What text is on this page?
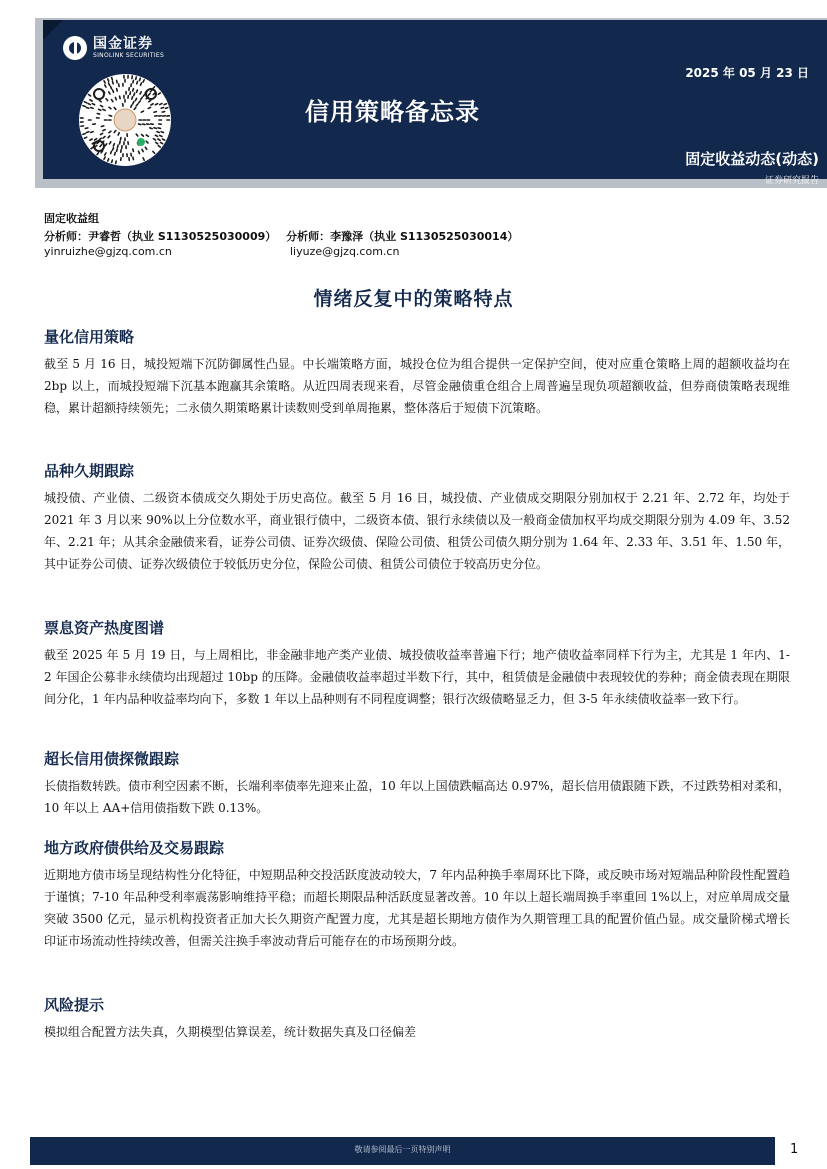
国金证券
SINOLINK SECURITIES
2025 年 05 月 23 日
信用策略备忘录
固定收益动态(动态)
证券研究报告
固定收益组
分析师：尹睿哲（执业 S1130525030009） 分析师：李豫泽（执业 S1130525030014）
yinruizhe@gjzq.com.cn	liyuze@gjzq.com.cn
情绪反复中的策略特点
量化信用策略
截至 5 月 16 日，城投短端下沉防御属性凸显。中长端策略方面，城投仓位为组合提供一定保护空间，使对应重仓策略上周的超额收益均在 2bp 以上，而城投短端下沉基本跑赢其余策略。从近四周表现来看，尽管金融债重仓组合上周普遍呈现负项超额收益，但券商债策略表现维稳，累计超额持续领先；二永债久期策略累计读数则受到单周拖累，整体落后于短债下沉策略。
品种久期跟踪
城投债、产业债、二级资本债成交久期处于历史高位。截至 5 月 16 日，城投债、产业债成交期限分别加权于 2.21 年、2.72 年，均处于 2021 年 3 月以来 90%以上分位数水平，商业银行债中，二级资本债、银行永续债以及一般商金债加权平均成交期限分别为 4.09 年、3.52 年、2.21 年；从其余金融债来看，证券公司债、证券次级债、保险公司债、租赁公司债久期分别为 1.64 年、2.33 年、3.51 年、1.50 年，其中证券公司债、证券次级债位于较低历史分位，保险公司债、租赁公司债位于较高历史分位。
票息资产热度图谱
截至 2025 年 5 月 19 日，与上周相比，非金融非地产类产业债、城投债收益率普遍下行；地产债收益率同样下行为主，尤其是 1 年内、1-2 年国企公募非永续债均出现超过 10bp 的压降。金融债收益率超过半数下行，其中，租赁债是金融债中表现较优的券种；商金债表现在期限间分化，1 年内品种收益率均向下，多数 1 年以上品种则有不同程度调整；银行次级债略显乏力，但 3-5 年永续债收益率一致下行。
超长信用债探微跟踪
长债指数转跌。债市利空因素不断，长端利率债率先迎来止盈，10 年以上国债跌幅高达 0.97%，超长信用债跟随下跌，不过跌势相对柔和，10 年以上 AA+信用债指数下跌 0.13%。
地方政府债供给及交易跟踪
近期地方债市场呈现结构性分化特征，中短期品种交投活跃度波动较大，7 年内品种换手率周环比下降，或反映市场对短端品种阶段性配置趋于谨慎；7-10 年品种受利率震荡影响维持平稳；而超长期限品种活跃度显著改善。10 年以上超长端周换手率重回 1%以上，对应单周成交量突破 3500 亿元，显示机构投资者正加大长久期资产配置力度，尤其是超长期地方债作为久期管理工具的配置价值凸显。成交量阶梯式增长印证市场流动性持续改善，但需关注换手率波动背后可能存在的市场预期分歧。
风险提示
模拟组合配置方法失真，久期模型估算误差，统计数据失真及口径偏差
敬请参阅最后一页特别声明	1
